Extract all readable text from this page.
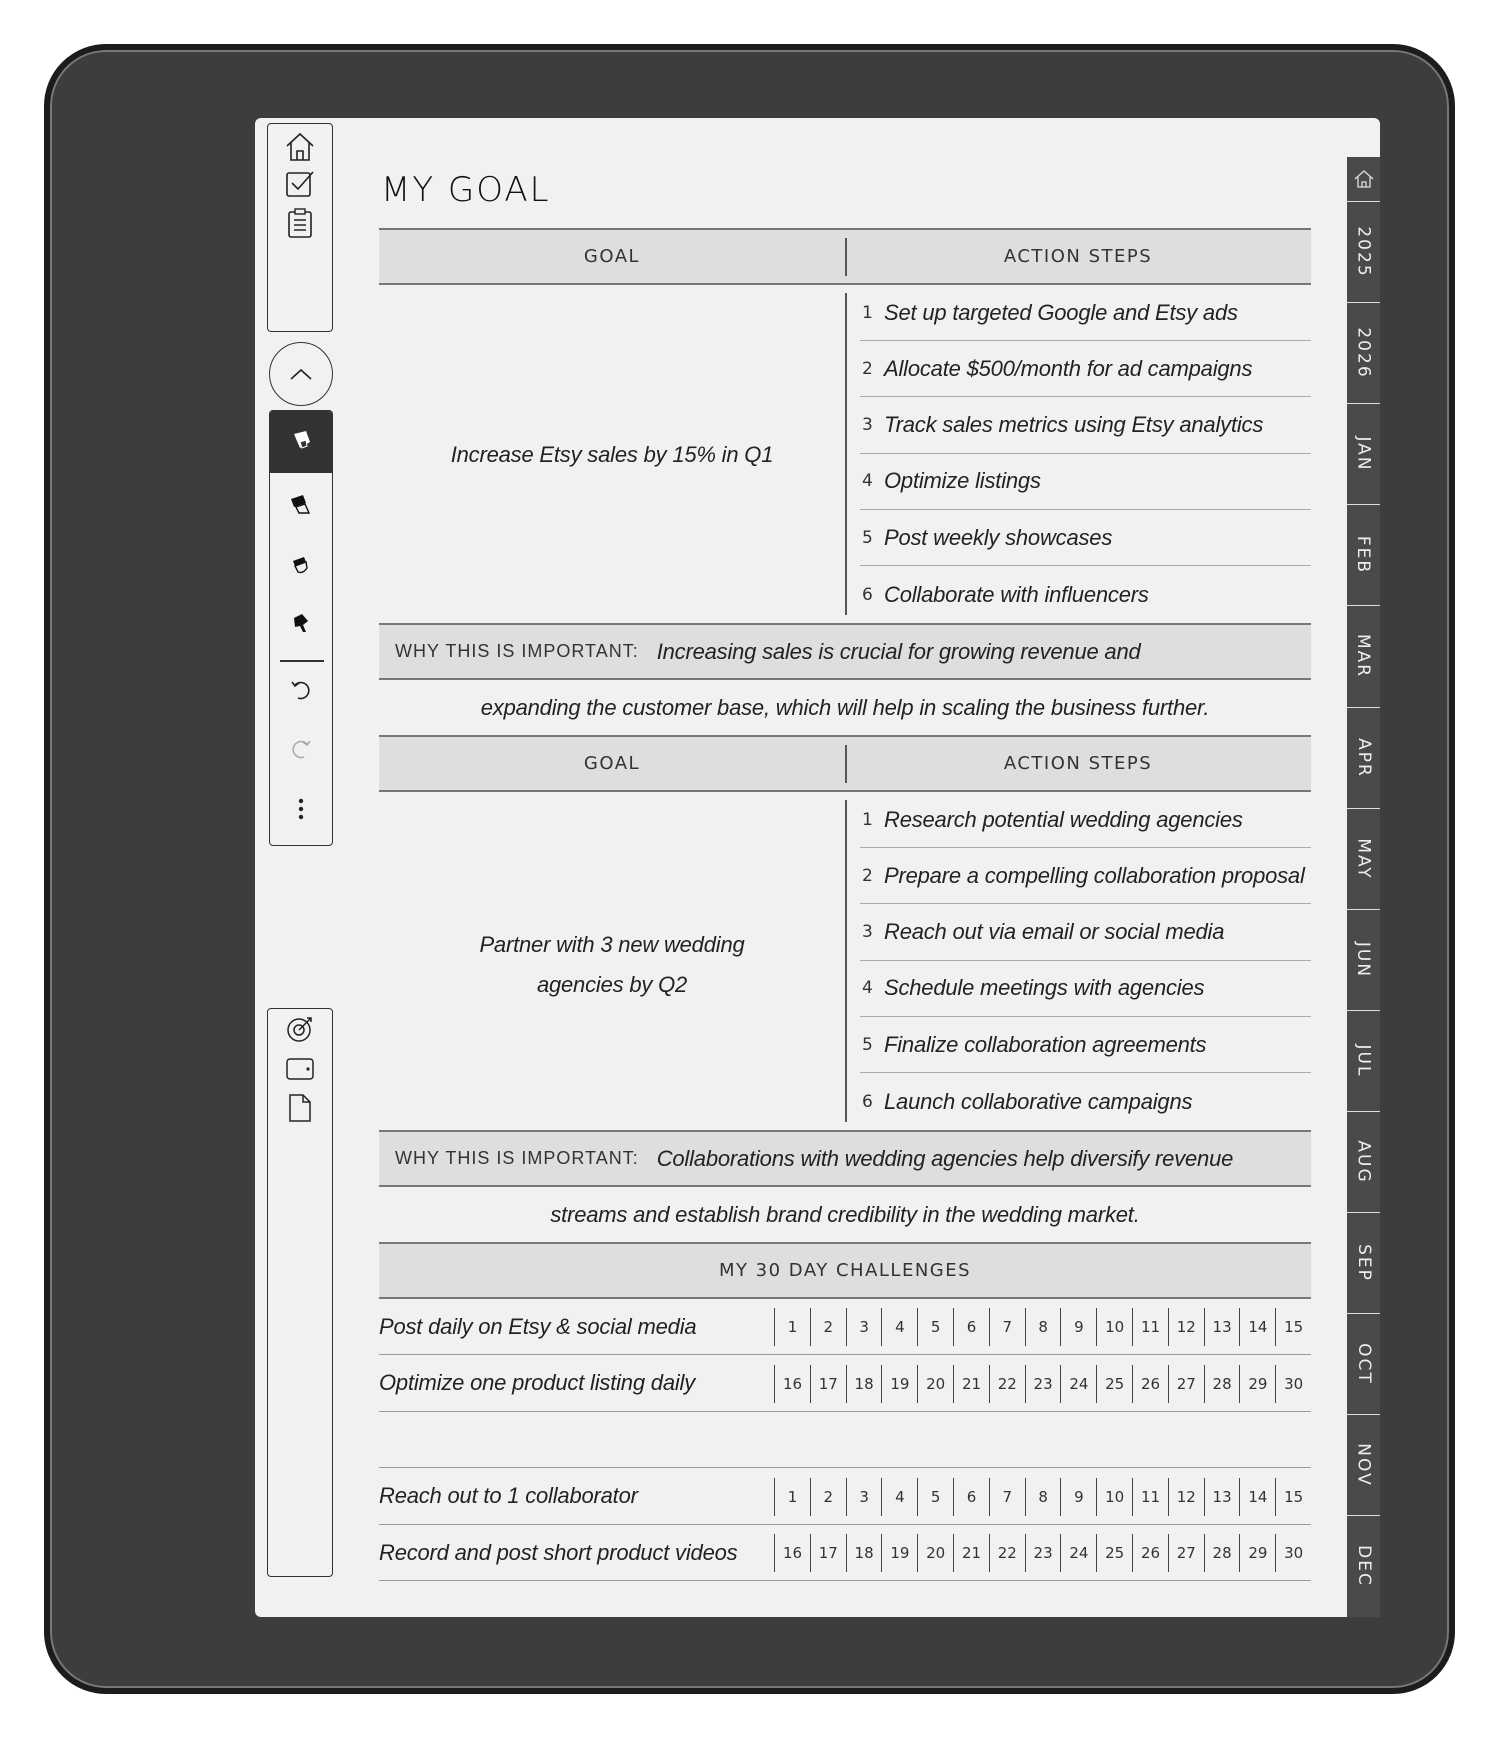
2025
2026
JAN
FEB
MAR
APR
MAY
JUN
JUL
AUG
SEP
OCT
NOV
DEC
MY GOAL
GOAL	ACTION STEPS
Increase Etsy sales by 15% in Q1
1 Set up targeted Google and Etsy ads
2 Allocate $500/month for ad campaigns
3 Track sales metrics using Etsy analytics
4 Optimize listings
5 Post weekly showcases
6 Collaborate with influencers
WHY THIS IS IMPORTANT: Increasing sales is crucial for growing revenue and
expanding the customer base, which will help in scaling the business further.
GOAL	ACTION STEPS
Partner with 3 new wedding
agencies by Q2
1 Research potential wedding agencies
2 Prepare a compelling collaboration proposal
3 Reach out via email or social media
4 Schedule meetings with agencies
5 Finalize collaboration agreements
6 Launch collaborative campaigns
WHY THIS IS IMPORTANT: Collaborations with wedding agencies help diversify revenue
streams and establish brand credibility in the wedding market.
MY 30 DAY CHALLENGES
Post daily on Etsy & social media	1	2	3	4	5	6	7	8	9	10	11	12	13	14	15
Optimize one product listing daily	16	17	18	19	20	21	22	23	24	25	26	27	28	29	30
Reach out to 1 collaborator	1	2	3	4	5	6	7	8	9	10	11	12	13	14	15
Record and post short product videos	16	17	18	19	20	21	22	23	24	25	26	27	28	29	30
